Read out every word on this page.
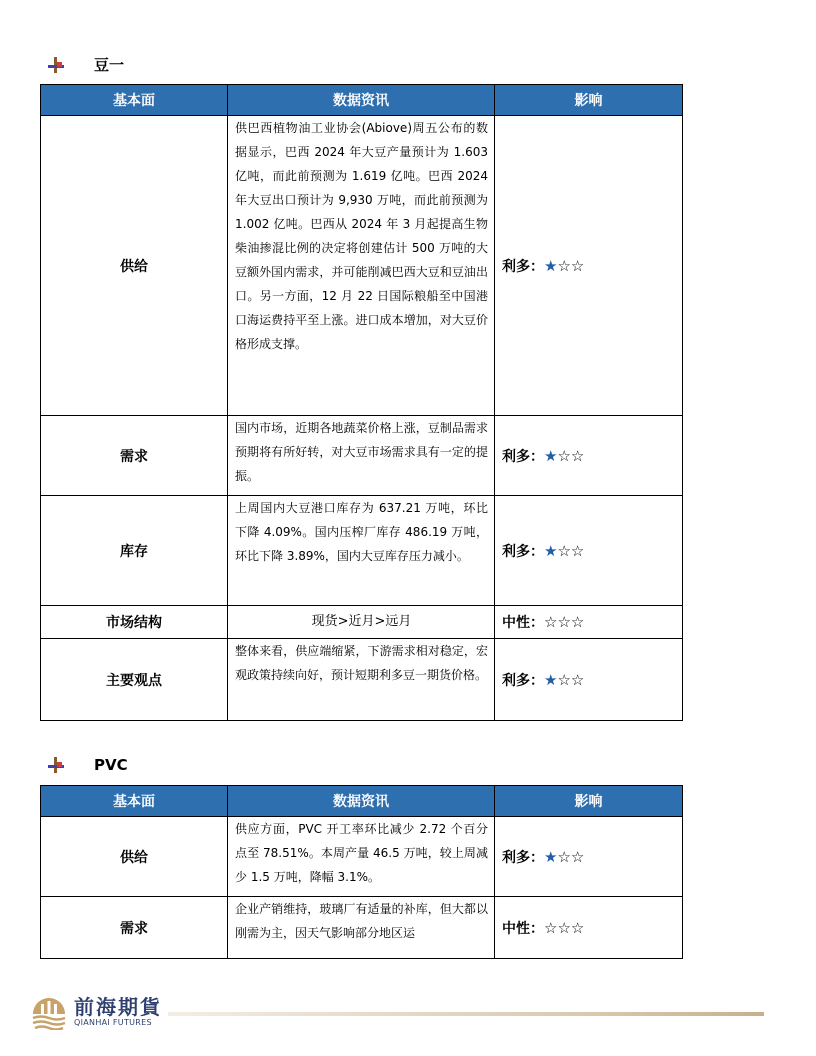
豆一
基本面	数据资讯	影响
供给	供巴西植物油工业协会(Abiove)周五公布的数据显示，巴西 2024 年大豆产量预计为 1.603 亿吨，而此前预测为 1.619 亿吨。巴西 2024 年大豆出口预计为 9,930 万吨，而此前预测为 1.002 亿吨。巴西从 2024 年 3 月起提高生物柴油掺混比例的决定将创建估计 500 万吨的大豆额外国内需求，并可能削减巴西大豆和豆油出口。另一方面，12 月 22 日国际粮船至中国港口海运费持平至上涨。进口成本增加，对大豆价格形成支撑。	利多：★☆☆
需求	国内市场，近期各地蔬菜价格上涨，豆制品需求预期将有所好转，对大豆市场需求具有一定的提振。	利多：★☆☆
库存	上周国内大豆港口库存为 637.21 万吨，环比下降 4.09%。国内压榨厂库存 486.19 万吨，环比下降 3.89%，国内大豆库存压力减小。	利多：★☆☆
市场结构	现货>近月>远月	中性：☆☆☆
主要观点	整体来看，供应端缩紧，下游需求相对稳定，宏观政策持续向好，预计短期利多豆一期货价格。	利多：★☆☆
PVC
基本面	数据资讯	影响
供给	供应方面，PVC 开工率环比减少 2.72 个百分点至 78.51%。本周产量 46.5 万吨，较上周减少 1.5 万吨，降幅 3.1%。	利多：★☆☆
需求	企业产销维持，玻璃厂有适量的补库，但大都以刚需为主，因天气影响部分地区运	中性：☆☆☆
前海期貨
QIANHAI FUTURES
